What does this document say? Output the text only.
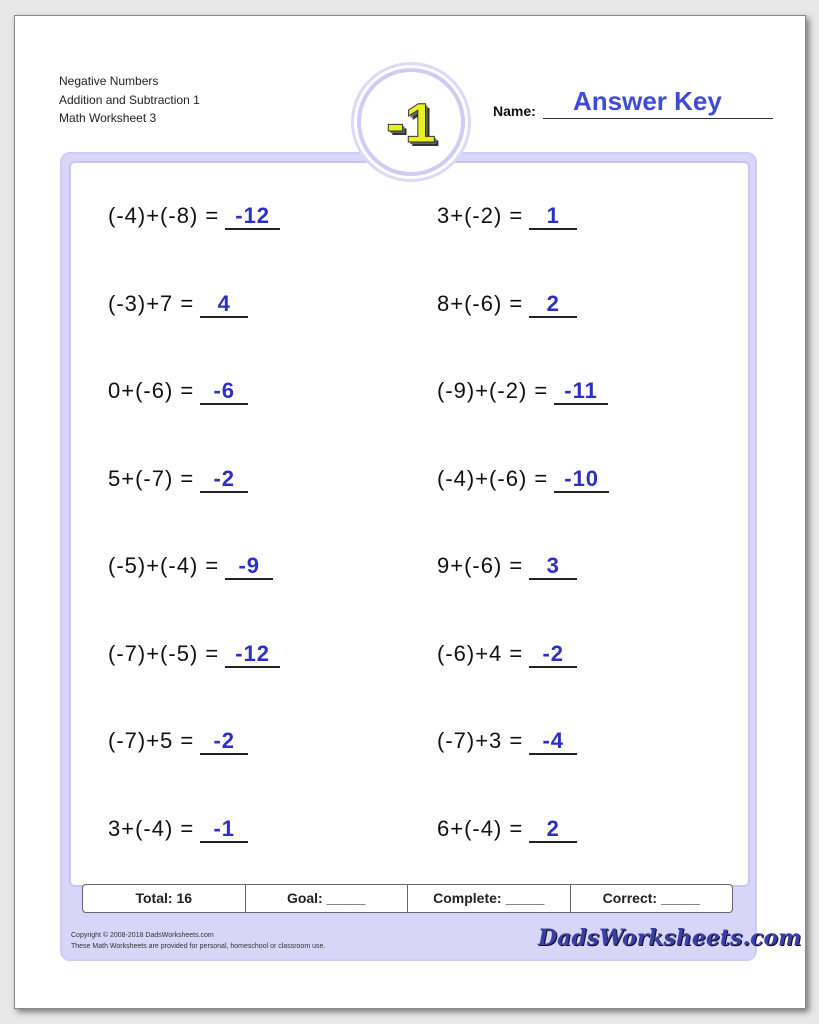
Negative Numbers
Addition and Subtraction 1
Math Worksheet 3	-1	Name: Answer Key
(-4)+(-8) = -12	3+(-2) = 1
(-3)+7 = 4	8+(-6) = 2
0+(-6) = -6	(-9)+(-2) = -11
5+(-7) = -2	(-4)+(-6) = -10
(-5)+(-4) = -9	9+(-6) = 3
(-7)+(-5) = -12	(-6)+4 = -2
(-7)+5 = -2	(-7)+3 = -4
3+(-4) = -1	6+(-4) = 2
Total: 16	Goal: _____	Complete: _____	Correct: _____
Copyright © 2008-2018 DadsWorksheets.com
These Math Worksheets are provided for personal, homeschool or classroom use.	DadsWorksheets.com
